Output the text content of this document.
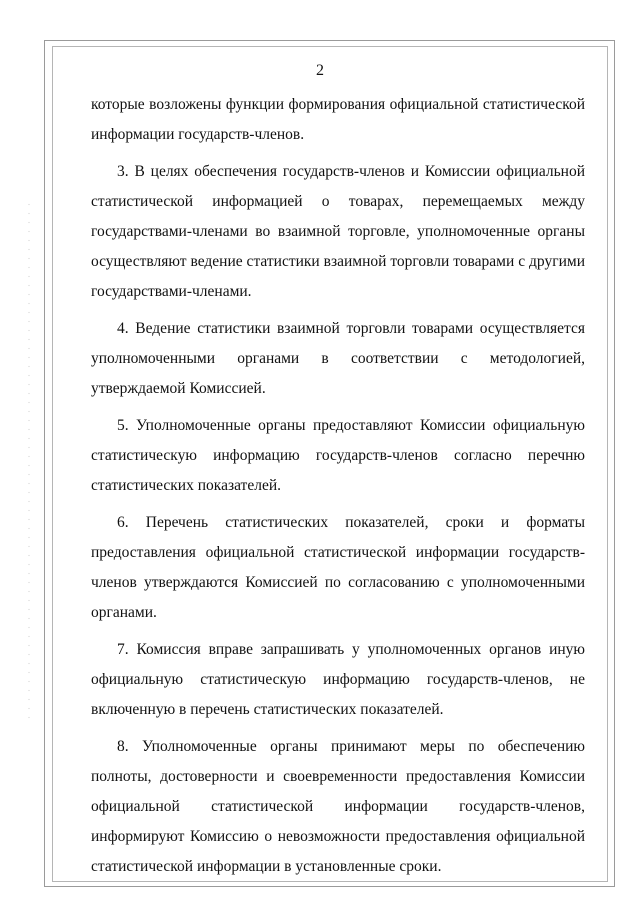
2

которые возложены функции формирования официальной статистической информации государств-членов.

3. В целях обеспечения государств-членов и Комиссии официальной статистической информацией о товарах, перемещаемых между государствами-членами во взаимной торговле, уполномоченные органы осуществляют ведение статистики взаимной торговли товарами с другими государствами-членами.

4. Ведение статистики взаимной торговли товарами осуществляется уполномоченными органами в соответствии с методологией, утверждаемой Комиссией.

5. Уполномоченные органы предоставляют Комиссии официальную статистическую информацию государств-членов согласно перечню статистических показателей.

6. Перечень статистических показателей, сроки и форматы предоставления официальной статистической информации государств-членов утверждаются Комиссией по согласованию с уполномоченными органами.

7. Комиссия вправе запрашивать у уполномоченных органов иную официальную статистическую информацию государств-членов, не включенную в перечень статистических показателей.

8. Уполномоченные органы принимают меры по обеспечению полноты, достоверности и своевременности предоставления Комиссии официальной статистической информации государств-членов, информируют Комиссию о невозможности предоставления официальной статистической информации в установленные сроки.
